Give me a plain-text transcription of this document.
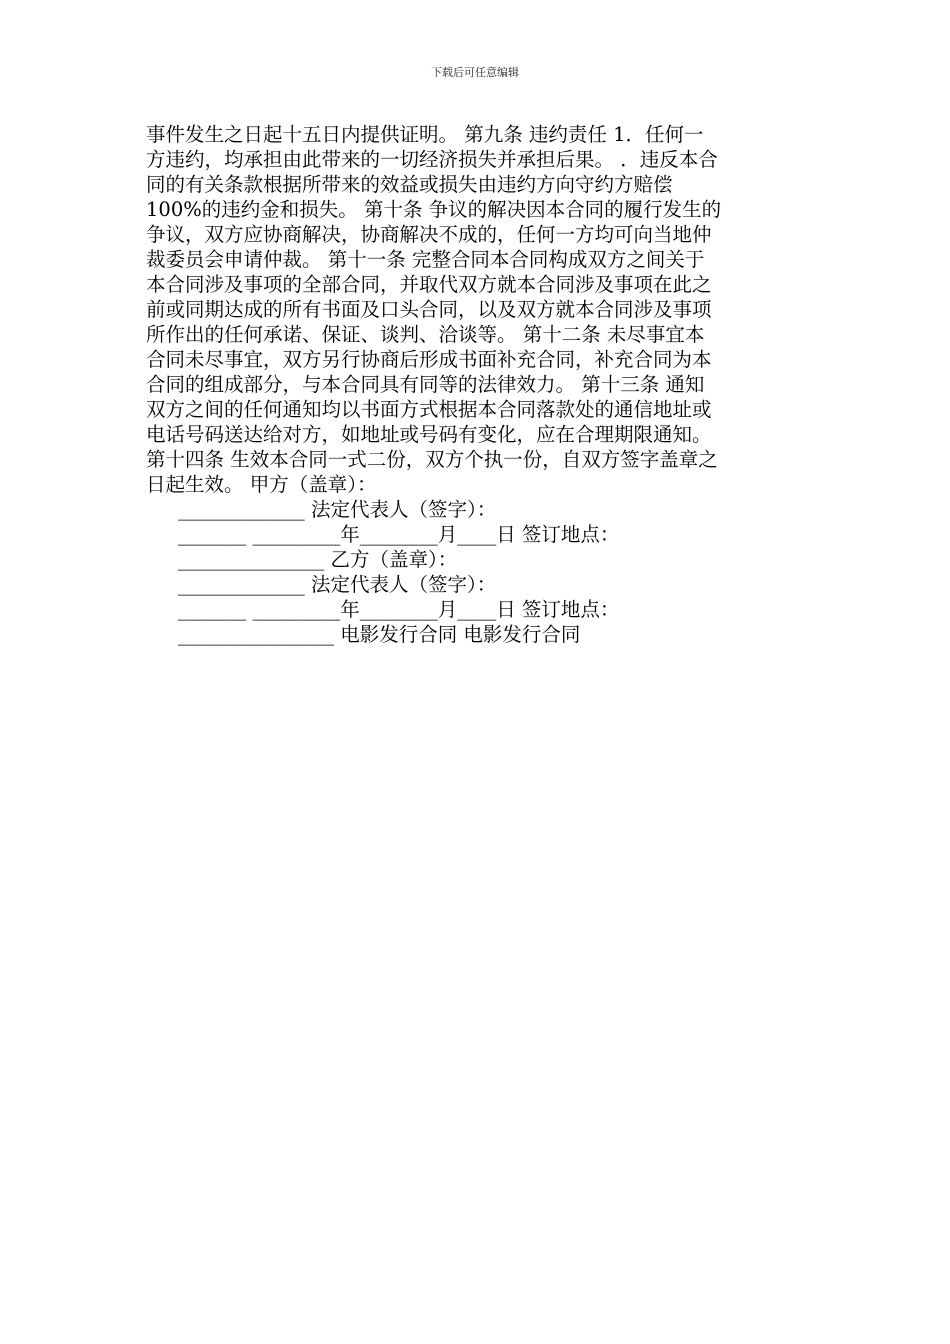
下载后可任意编辑
事件发生之日起十五日内提供证明。 第九条 违约责任 1．任何一
方违约，均承担由此带来的一切经济损失并承担后果。 ．违反本合
同的有关条款根据所带来的效益或损失由违约方向守约方赔偿
100%的违约金和损失。 第十条 争议的解决因本合同的履行发生的
争议，双方应协商解决，协商解决不成的，任何一方均可向当地仲
裁委员会申请仲裁。 第十一条 完整合同本合同构成双方之间关于
本合同涉及事项的全部合同，并取代双方就本合同涉及事项在此之
前或同期达成的所有书面及口头合同，以及双方就本合同涉及事项
所作出的任何承诺、保证、谈判、洽谈等。 第十二条 未尽事宜本
合同未尽事宜，双方另行协商后形成书面补充合同，补充合同为本
合同的组成部分，与本合同具有同等的法律效力。 第十三条 通知
双方之间的任何通知均以书面方式根据本合同落款处的通信地址或
电话号码送达给对方，如地址或号码有变化，应在合理期限通知。
第十四条 生效本合同一式二份，双方个执一份，自双方签字盖章之
日起生效。 甲方（盖章）：
_____________ 法定代表人（签字）：
_______ _________年________月____日 签订地点：
_______________ 乙方（盖章）：
_____________ 法定代表人（签字）：
_______ _________年________月____日 签订地点：
________________ 电影发行合同 电影发行合同
